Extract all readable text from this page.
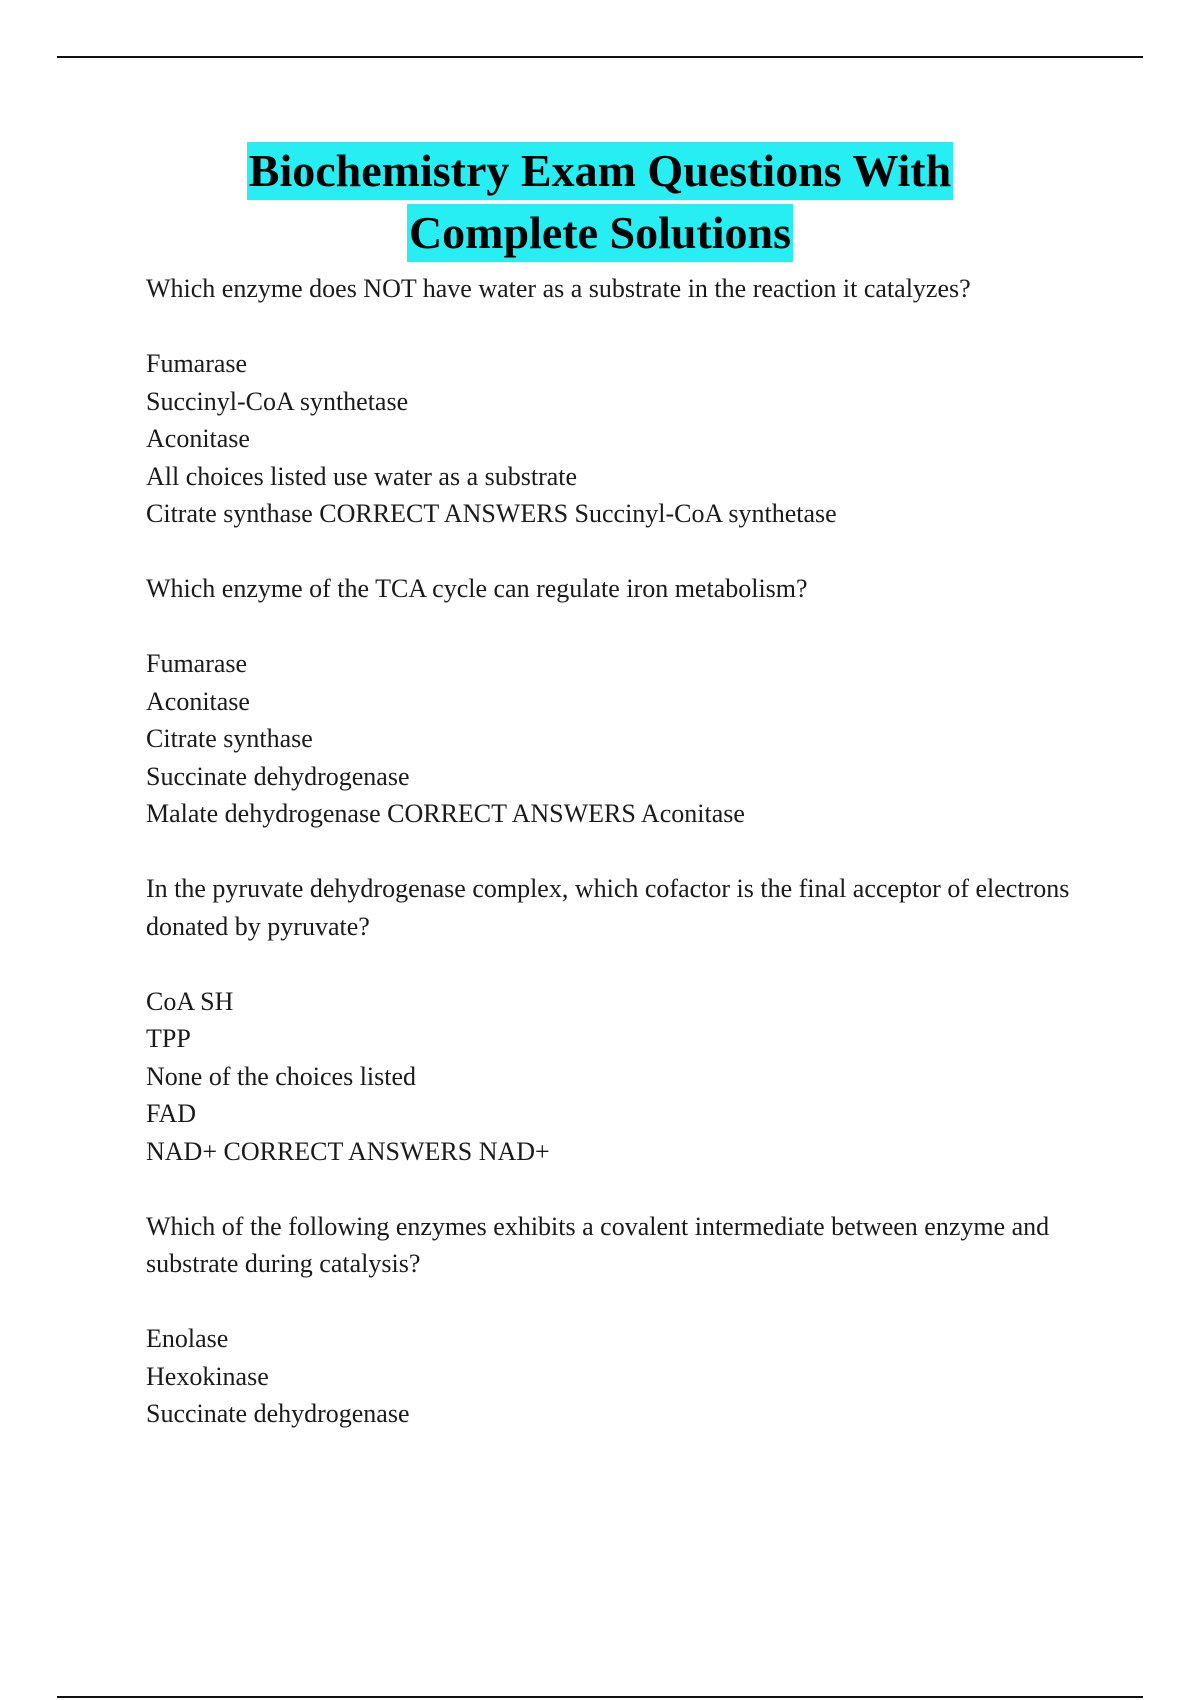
Biochemistry Exam Questions With
Complete Solutions

Which enzyme does NOT have water as a substrate in the reaction it catalyzes?

Fumarase

Succinyl-CoA synthetase

Aconitase

All choices listed use water as a substrate

Citrate synthase CORRECT ANSWERS Succinyl-CoA synthetase

Which enzyme of the TCA cycle can regulate iron metabolism?

Fumarase

Aconitase

Citrate synthase

Succinate dehydrogenase

Malate dehydrogenase CORRECT ANSWERS Aconitase

In the pyruvate dehydrogenase complex, which cofactor is the final acceptor of electrons donated by pyruvate?

CoA SH

TPP

None of the choices listed

FAD

NAD+ CORRECT ANSWERS NAD+

Which of the following enzymes exhibits a covalent intermediate between enzyme and substrate during catalysis?

Enolase

Hexokinase

Succinate dehydrogenase
